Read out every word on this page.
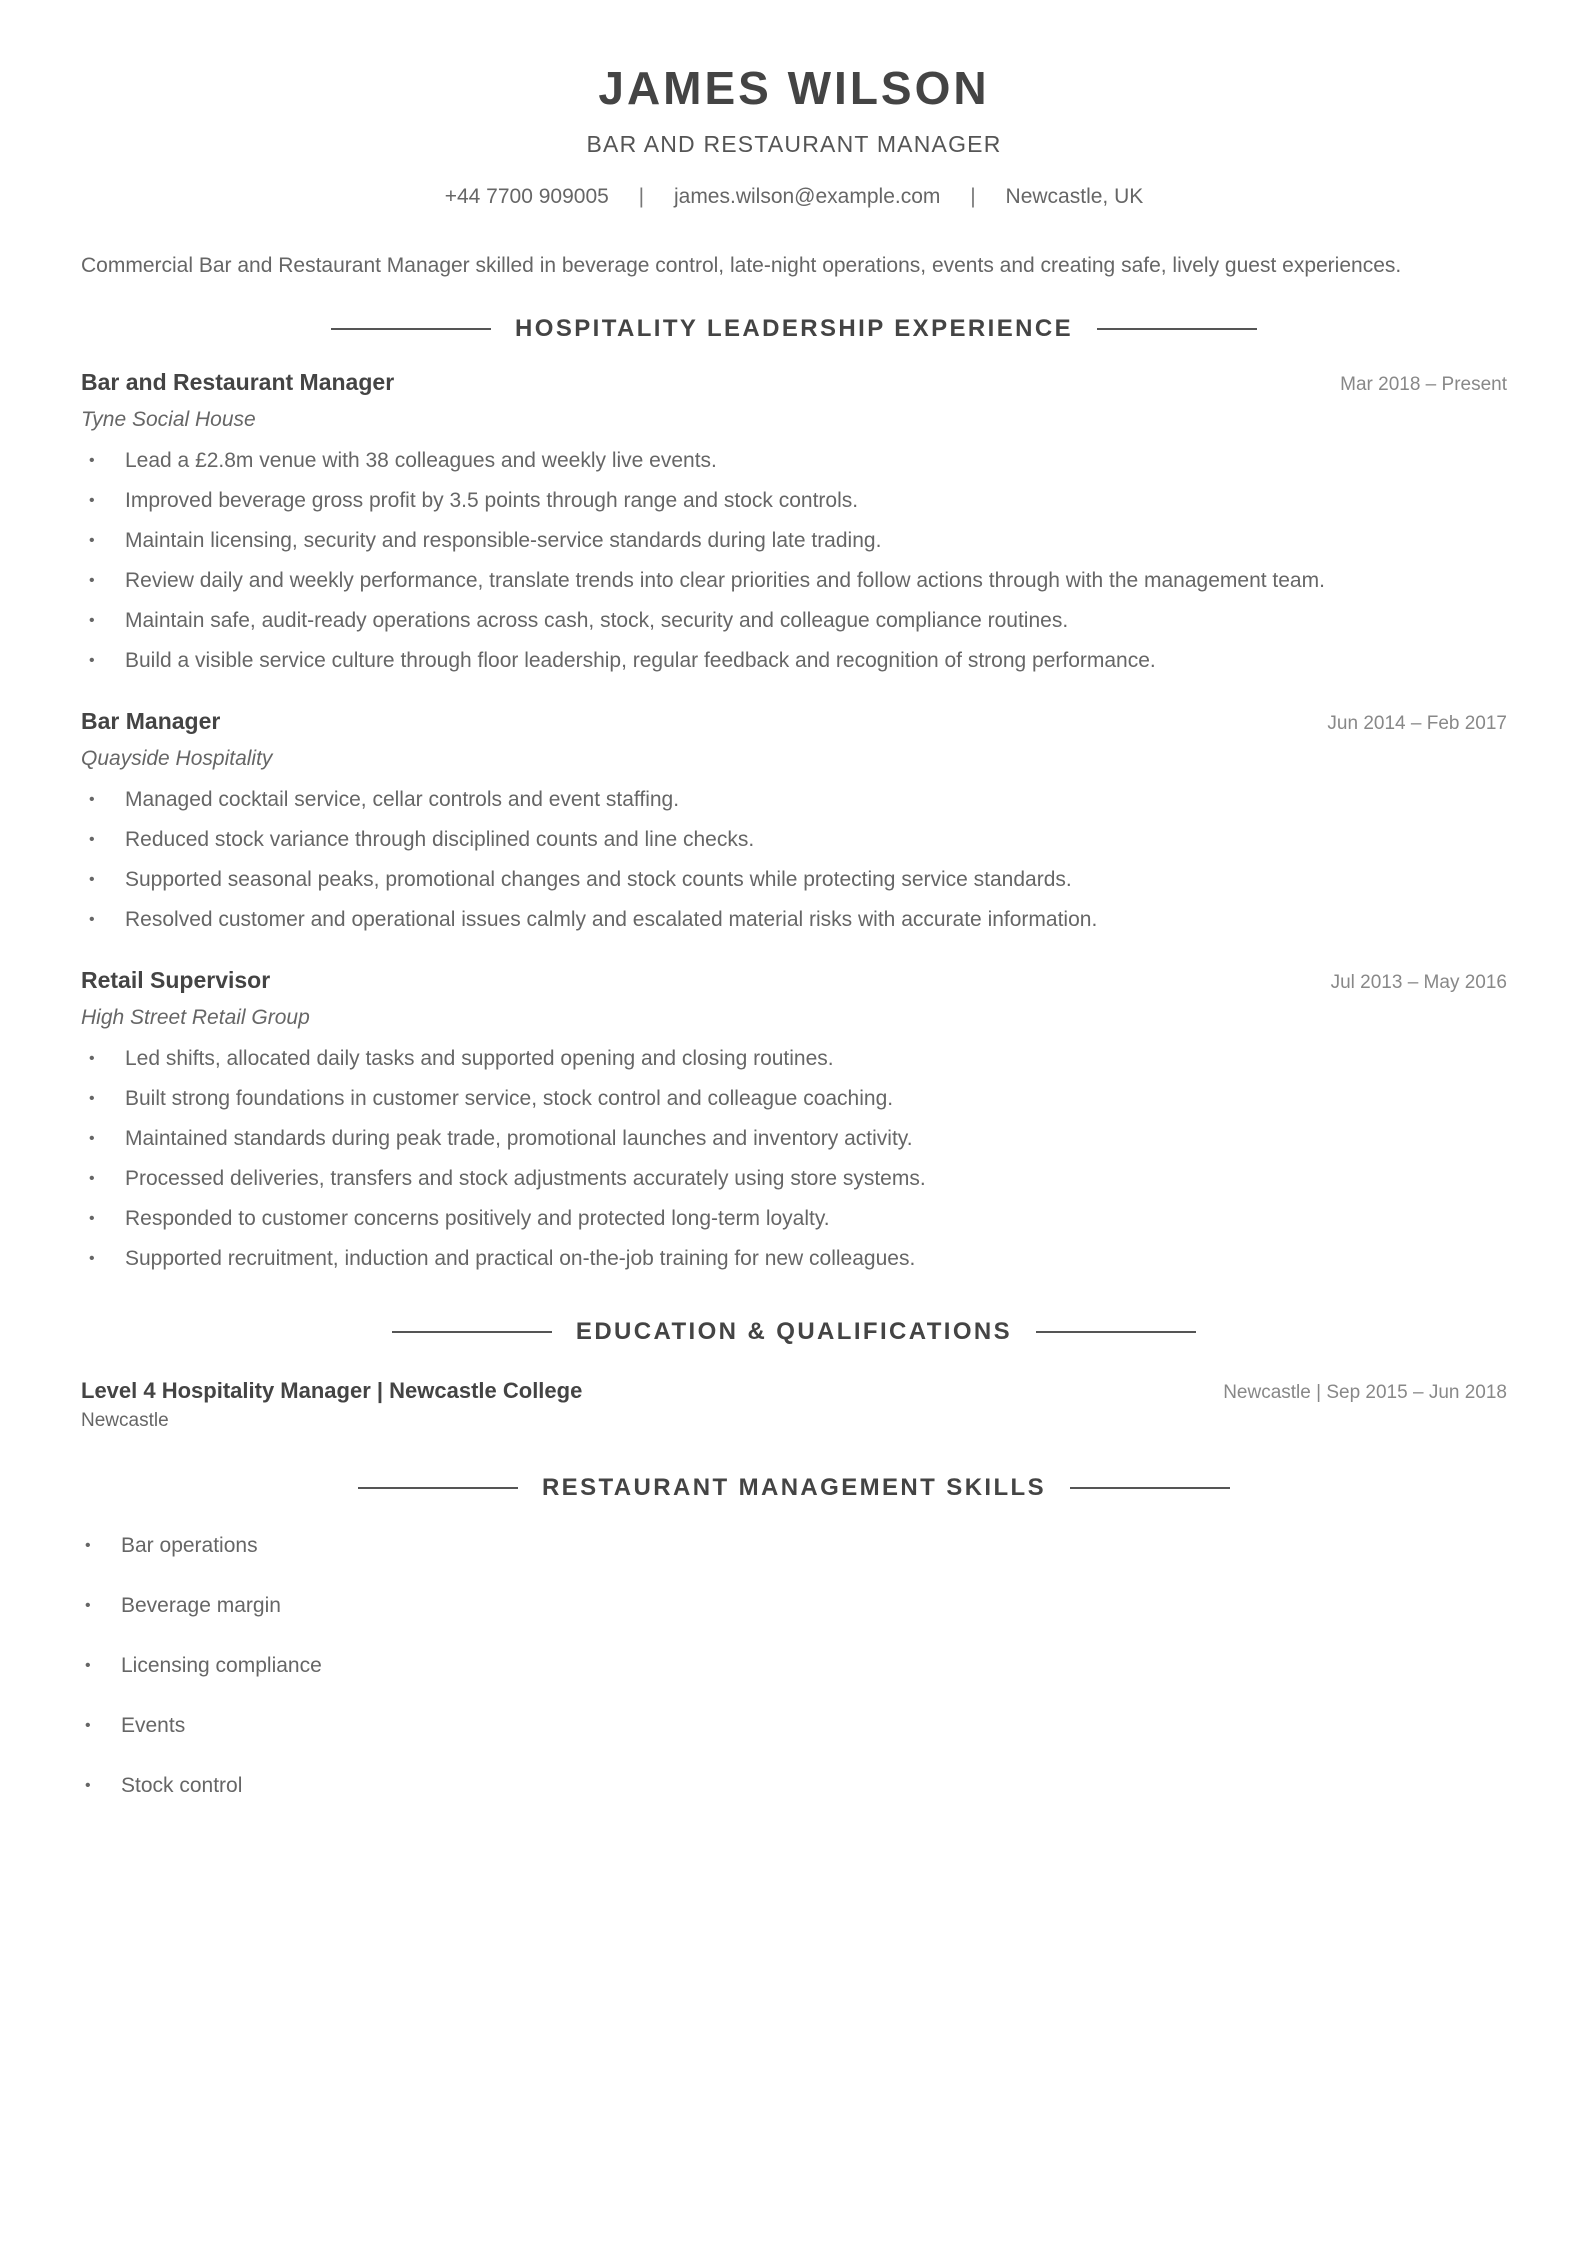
JAMES WILSON
BAR AND RESTAURANT MANAGER
+44 7700 909005 | james.wilson@example.com | Newcastle, UK
Commercial Bar and Restaurant Manager skilled in beverage control, late-night operations, events and creating safe, lively guest experiences.
HOSPITALITY LEADERSHIP EXPERIENCE
Bar and Restaurant Manager	Mar 2018 – Present
Tyne Social House
• Lead a £2.8m venue with 38 colleagues and weekly live events.
• Improved beverage gross profit by 3.5 points through range and stock controls.
• Maintain licensing, security and responsible-service standards during late trading.
• Review daily and weekly performance, translate trends into clear priorities and follow actions through with the management team.
• Maintain safe, audit-ready operations across cash, stock, security and colleague compliance routines.
• Build a visible service culture through floor leadership, regular feedback and recognition of strong performance.
Bar Manager	Jun 2014 – Feb 2017
Quayside Hospitality
• Managed cocktail service, cellar controls and event staffing.
• Reduced stock variance through disciplined counts and line checks.
• Supported seasonal peaks, promotional changes and stock counts while protecting service standards.
• Resolved customer and operational issues calmly and escalated material risks with accurate information.
Retail Supervisor	Jul 2013 – May 2016
High Street Retail Group
• Led shifts, allocated daily tasks and supported opening and closing routines.
• Built strong foundations in customer service, stock control and colleague coaching.
• Maintained standards during peak trade, promotional launches and inventory activity.
• Processed deliveries, transfers and stock adjustments accurately using store systems.
• Responded to customer concerns positively and protected long-term loyalty.
• Supported recruitment, induction and practical on-the-job training for new colleagues.
EDUCATION & QUALIFICATIONS
Level 4 Hospitality Manager | Newcastle College	Newcastle | Sep 2015 – Jun 2018
Newcastle
RESTAURANT MANAGEMENT SKILLS
• Bar operations
• Beverage margin
• Licensing compliance
• Events
• Stock control
